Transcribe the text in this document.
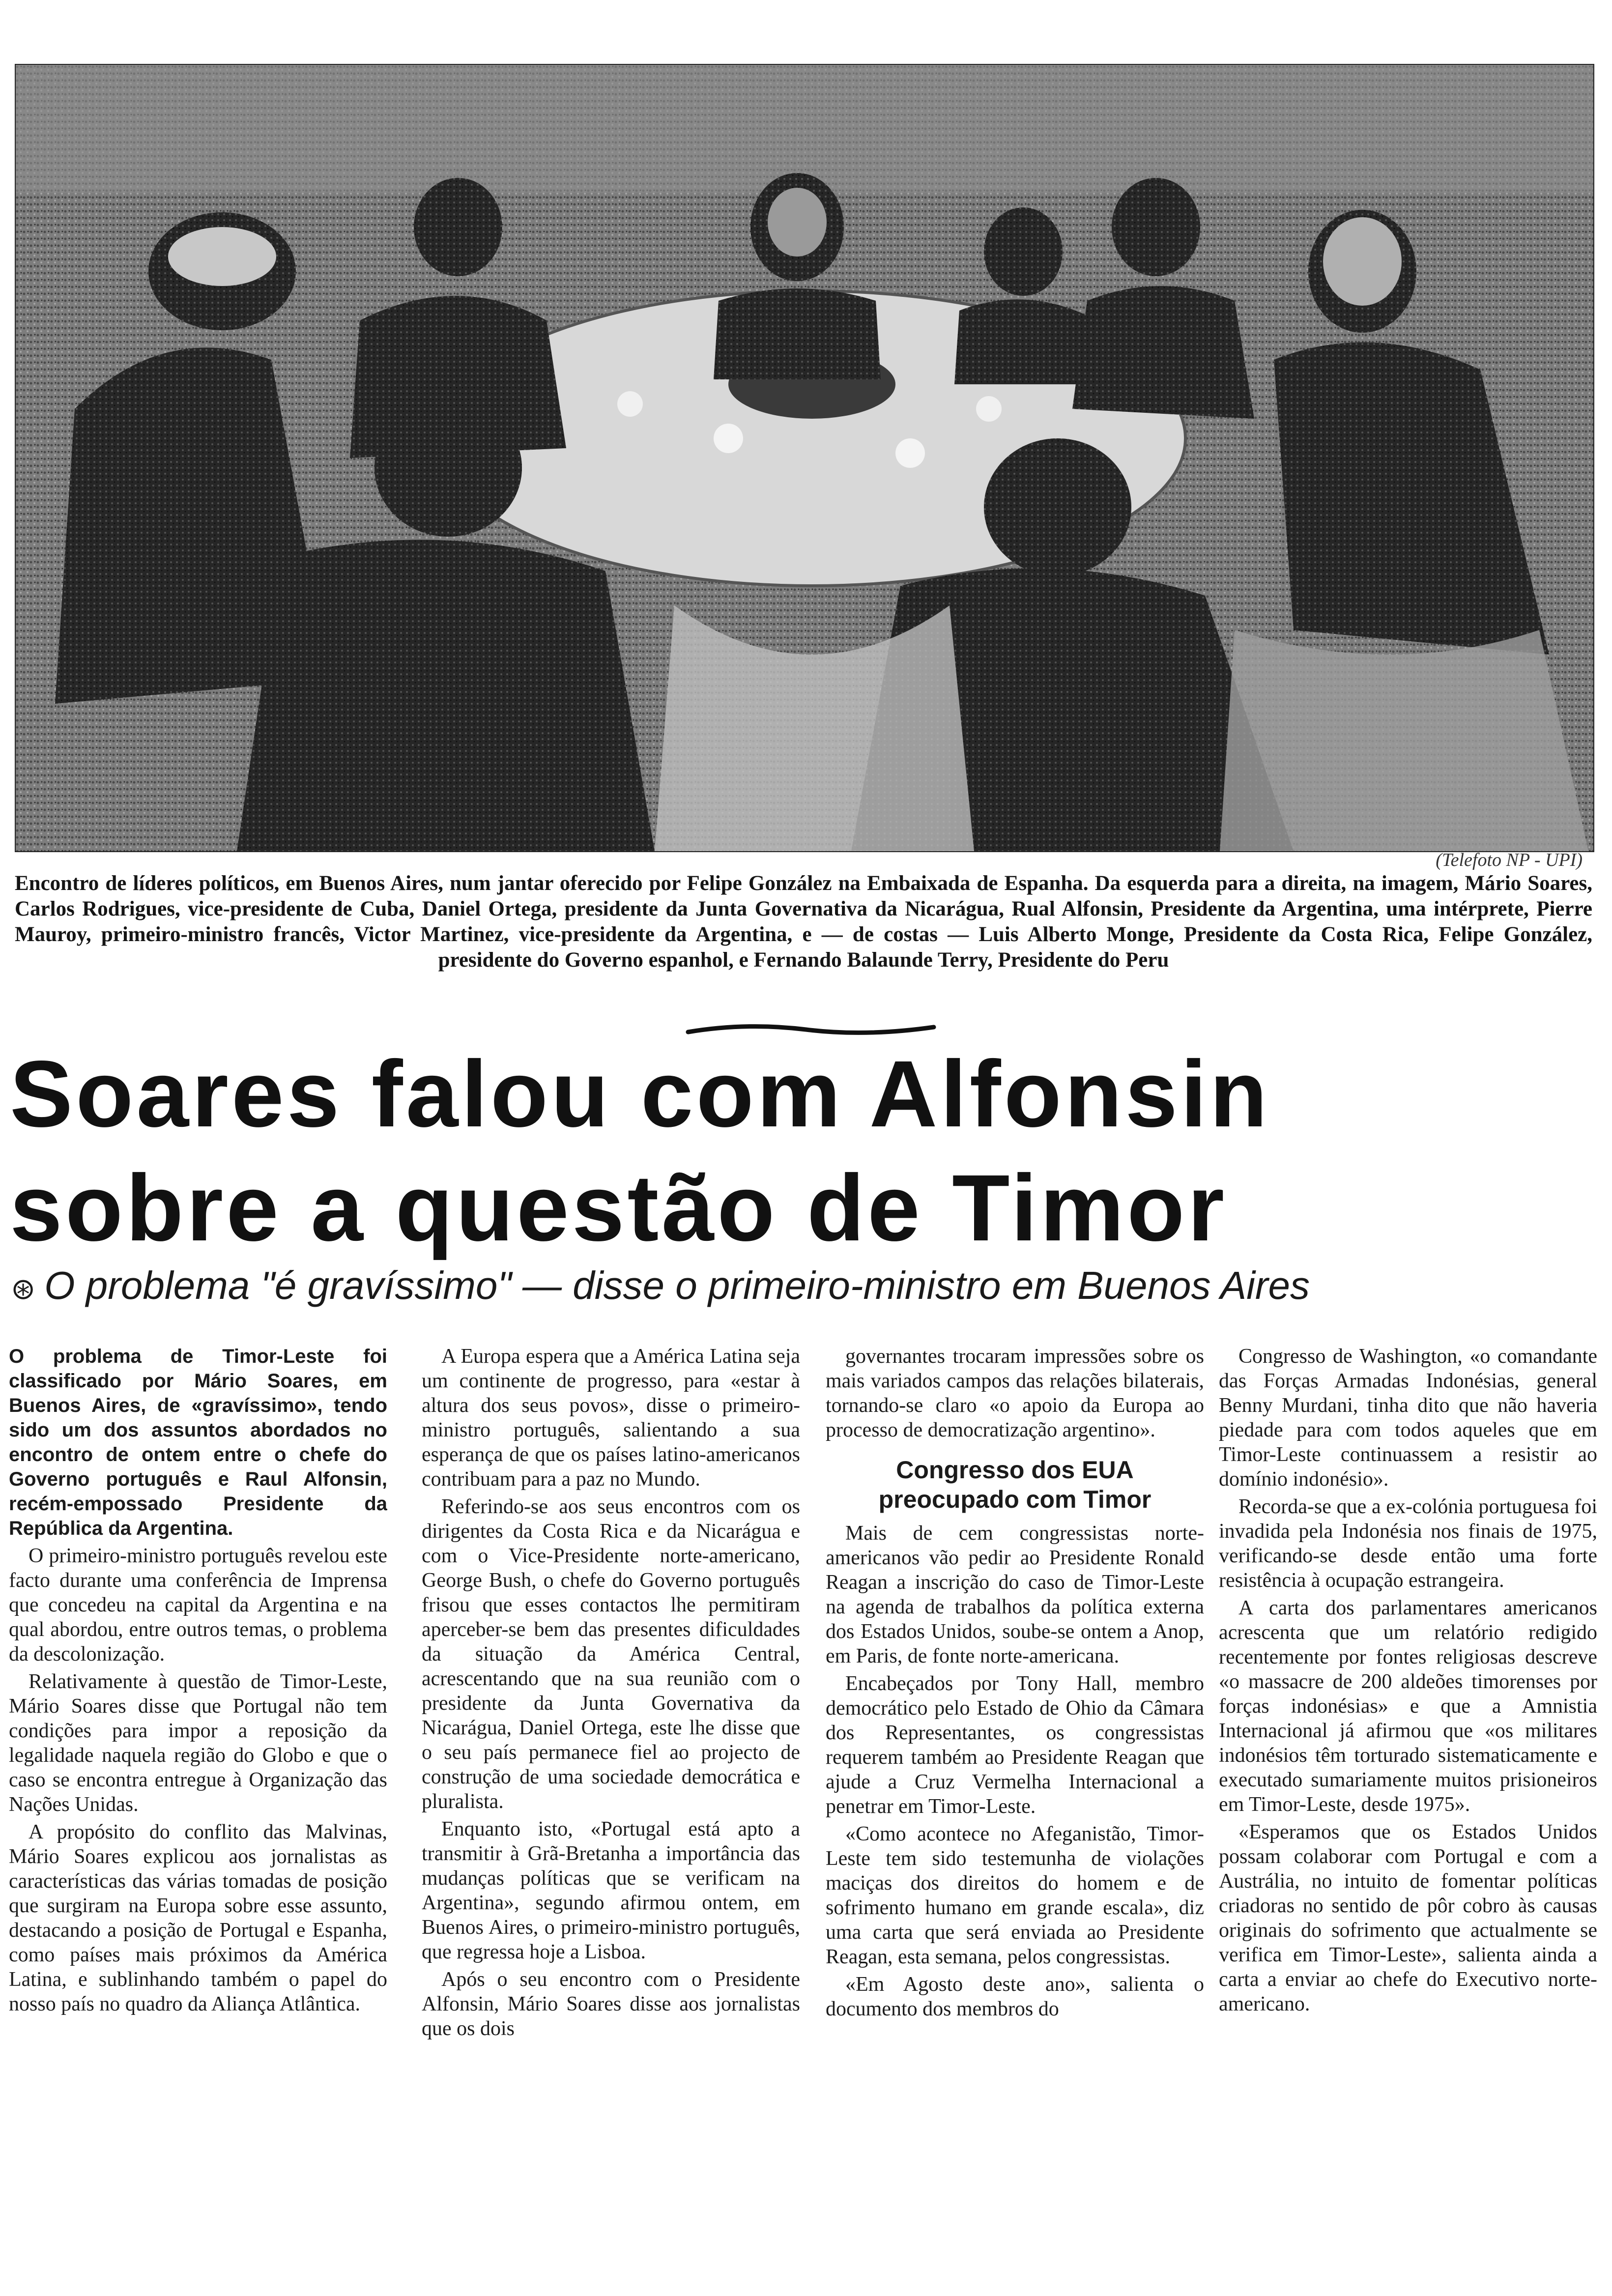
(Telefoto NP - UPI)
Encontro de líderes políticos, em Buenos Aires, num jantar oferecido por Felipe González na Embaixada de Espanha. Da esquerda para a direita, na imagem, Mário Soares, Carlos Rodrigues, vice-presidente de Cuba, Daniel Ortega, presidente da Junta Governativa da Nicarágua, Rual Alfonsin, Presidente da Argentina, uma intérprete, Pierre Mauroy, primeiro-ministro francês, Victor Martinez, vice-presidente da Argentina, e — de costas — Luis Alberto Monge, Presidente da Costa Rica, Felipe González, presidente do Governo espanhol, e Fernando Balaunde Terry, Presidente do Peru
Soares falou com Alfonsin
sobre a questão de Timor
⊛ O problema "é gravíssimo" — disse o primeiro-ministro em Buenos Aires

O problema de Timor-Leste foi classificado por Mário Soares, em Buenos Aires, de «gravíssimo», tendo sido um dos assuntos abordados no encontro de ontem entre o chefe do Governo português e Raul Alfonsin, recém-empossado Presidente da República da Argentina.

O primeiro-ministro português revelou este facto durante uma conferência de Imprensa que concedeu na capital da Argentina e na qual abordou, entre outros temas, o problema da descolonização.

Relativamente à questão de Timor-Leste, Mário Soares disse que Portugal não tem condições para impor a reposição da legalidade naquela região do Globo e que o caso se encontra entregue à Organização das Nações Unidas.

A propósito do conflito das Malvinas, Mário Soares explicou aos jornalistas as características das várias tomadas de posição que surgiram na Europa sobre esse assunto, destacando a posição de Portugal e Espanha, como países mais próximos da América Latina, e sublinhando também o papel do nosso país no quadro da Aliança Atlântica.

A Europa espera que a América Latina seja um continente de progresso, para «estar à altura dos seus povos», disse o primeiro-ministro português, salientando a sua esperança de que os países latino-americanos contribuam para a paz no Mundo.

Referindo-se aos seus encontros com os dirigentes da Costa Rica e da Nicarágua e com o Vice-Presidente norte-americano, George Bush, o chefe do Governo português frisou que esses contactos lhe permitiram aperceber-se bem das presentes dificuldades da situação da América Central, acrescentando que na sua reunião com o presidente da Junta Governativa da Nicarágua, Daniel Ortega, este lhe disse que o seu país permanece fiel ao projecto de construção de uma sociedade democrática e pluralista.

Enquanto isto, «Portugal está apto a transmitir à Grã-Bretanha a importância das mudanças políticas que se verificam na Argentina», segundo afirmou ontem, em Buenos Aires, o primeiro-ministro português, que regressa hoje a Lisboa.

Após o seu encontro com o Presidente Alfonsin, Mário Soares disse aos jornalistas que os dois

governantes trocaram impressões sobre os mais variados campos das relações bilaterais, tornando-se claro «o apoio da Europa ao processo de democratização argentino».

Congresso dos EUA preocupado com Timor

Mais de cem congressistas norte-americanos vão pedir ao Presidente Ronald Reagan a inscrição do caso de Timor-Leste na agenda de trabalhos da política externa dos Estados Unidos, soube-se ontem a Anop, em Paris, de fonte norte-americana.

Encabeçados por Tony Hall, membro democrático pelo Estado de Ohio da Câmara dos Representantes, os congressistas requerem também ao Presidente Reagan que ajude a Cruz Vermelha Internacional a penetrar em Timor-Leste.

«Como acontece no Afeganistão, Timor-Leste tem sido testemunha de violações maciças dos direitos do homem e de sofrimento humano em grande escala», diz uma carta que será enviada ao Presidente Reagan, esta semana, pelos congressistas.

«Em Agosto deste ano», salienta o documento dos membros do

Congresso de Washington, «o comandante das Forças Armadas Indonésias, general Benny Murdani, tinha dito que não haveria piedade para com todos aqueles que em Timor-Leste continuassem a resistir ao domínio indonésio».

Recorda-se que a ex-colónia portuguesa foi invadida pela Indonésia nos finais de 1975, verificando-se desde então uma forte resistência à ocupação estrangeira.

A carta dos parlamentares americanos acrescenta que um relatório redigido recentemente por fontes religiosas descreve «o massacre de 200 aldeões timorenses por forças indonésias» e que a Amnistia Internacional já afirmou que «os militares indonésios têm torturado sistematicamente e executado sumariamente muitos prisioneiros em Timor-Leste, desde 1975».

«Esperamos que os Estados Unidos possam colaborar com Portugal e com a Austrália, no intuito de fomentar políticas criadoras no sentido de pôr cobro às causas originais do sofrimento que actualmente se verifica em Timor-Leste», salienta ainda a carta a enviar ao chefe do Executivo norte-americano.
